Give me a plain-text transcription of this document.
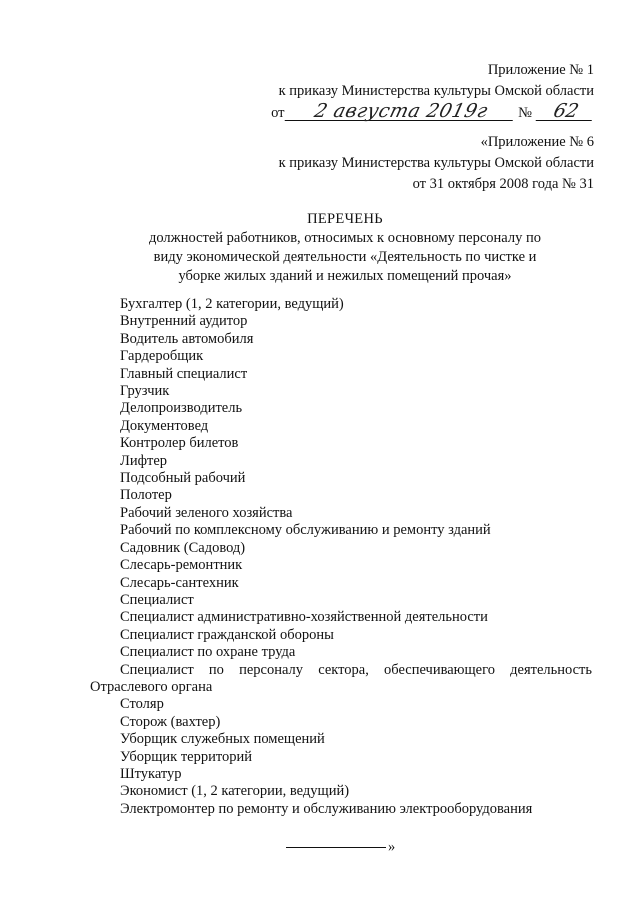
Приложение № 1
к приказу Министерства культуры Омской области
от 2 августа 2019г № 62
«Приложение № 6
к приказу Министерства культуры Омской области
от 31 октября 2008 года № 31
ПЕРЕЧЕНЬ
должностей работников, относимых к основному персоналу по
виду экономической деятельности «Деятельность по чистке и
уборке жилых зданий и нежилых помещений прочая»
Бухгалтер (1, 2 категории, ведущий)
Внутренний аудитор
Водитель автомобиля
Гардеробщик
Главный специалист
Грузчик
Делопроизводитель
Документовед
Контролер билетов
Лифтер
Подсобный рабочий
Полотер
Рабочий зеленого хозяйства
Рабочий по комплексному обслуживанию и ремонту зданий
Садовник (Садовод)
Слесарь-ремонтник
Слесарь-сантехник
Специалист
Специалист административно-хозяйственной деятельности
Специалист гражданской обороны
Специалист по охране труда
Специалист по персоналу сектора, обеспечивающего деятельность Отраслевого органа
Столяр
Сторож (вахтер)
Уборщик служебных помещений
Уборщик территорий
Штукатур
Экономист (1, 2 категории, ведущий)
Электромонтер по ремонту и обслуживанию электрооборудования
»
